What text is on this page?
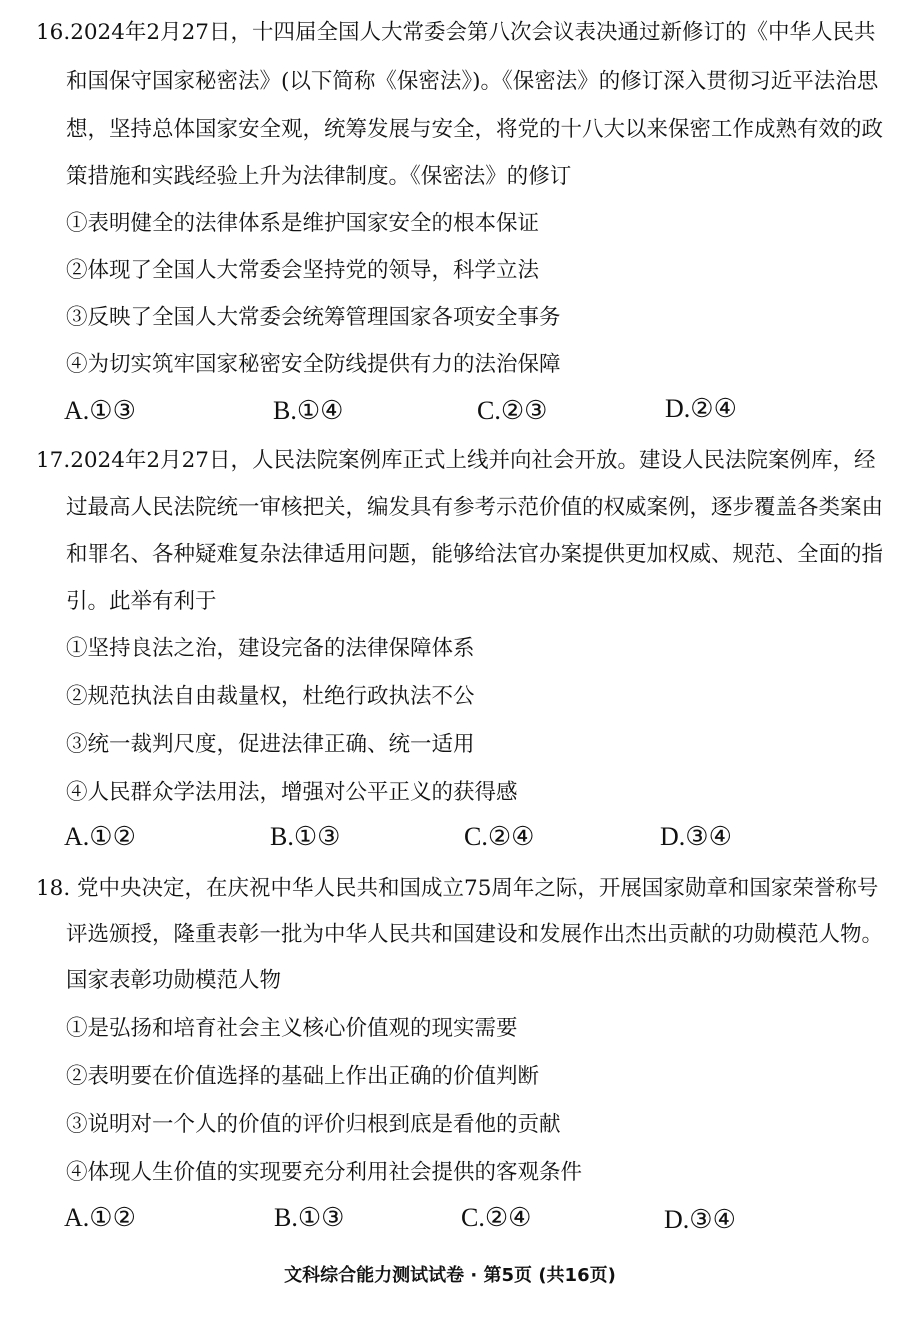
16.2024年2月27日，十四届全国人大常委会第八次会议表决通过新修订的《中华人民共
和国保守国家秘密法》(以下简称《保密法》)。《保密法》的修订深入贯彻习近平法治思
想，坚持总体国家安全观，统筹发展与安全，将党的十八大以来保密工作成熟有效的政
策措施和实践经验上升为法律制度。《保密法》的修订
①表明健全的法律体系是维护国家安全的根本保证
②体现了全国人大常委会坚持党的领导，科学立法
③反映了全国人大常委会统筹管理国家各项安全事务
④为切实筑牢国家秘密安全防线提供有力的法治保障
A.①③	B.①④	C.②③	D.②④
17.2024年2月27日，人民法院案例库正式上线并向社会开放。建设人民法院案例库，经
过最高人民法院统一审核把关，编发具有参考示范价值的权威案例，逐步覆盖各类案由
和罪名、各种疑难复杂法律适用问题，能够给法官办案提供更加权威、规范、全面的指
引。此举有利于
①坚持良法之治，建设完备的法律保障体系
②规范执法自由裁量权，杜绝行政执法不公
③统一裁判尺度，促进法律正确、统一适用
④人民群众学法用法，增强对公平正义的获得感
A.①②	B.①③	C.②④	D.③④
18. 党中央决定，在庆祝中华人民共和国成立75周年之际，开展国家勋章和国家荣誉称号
评选颁授，隆重表彰一批为中华人民共和国建设和发展作出杰出贡献的功勋模范人物。
国家表彰功勋模范人物
①是弘扬和培育社会主义核心价值观的现实需要
②表明要在价值选择的基础上作出正确的价值判断
③说明对一个人的价值的评价归根到底是看他的贡献
④体现人生价值的实现要充分利用社会提供的客观条件
A.①②	B.①③	C.②④	D.③④
文科综合能力测试试卷 · 第5页 (共16页)
